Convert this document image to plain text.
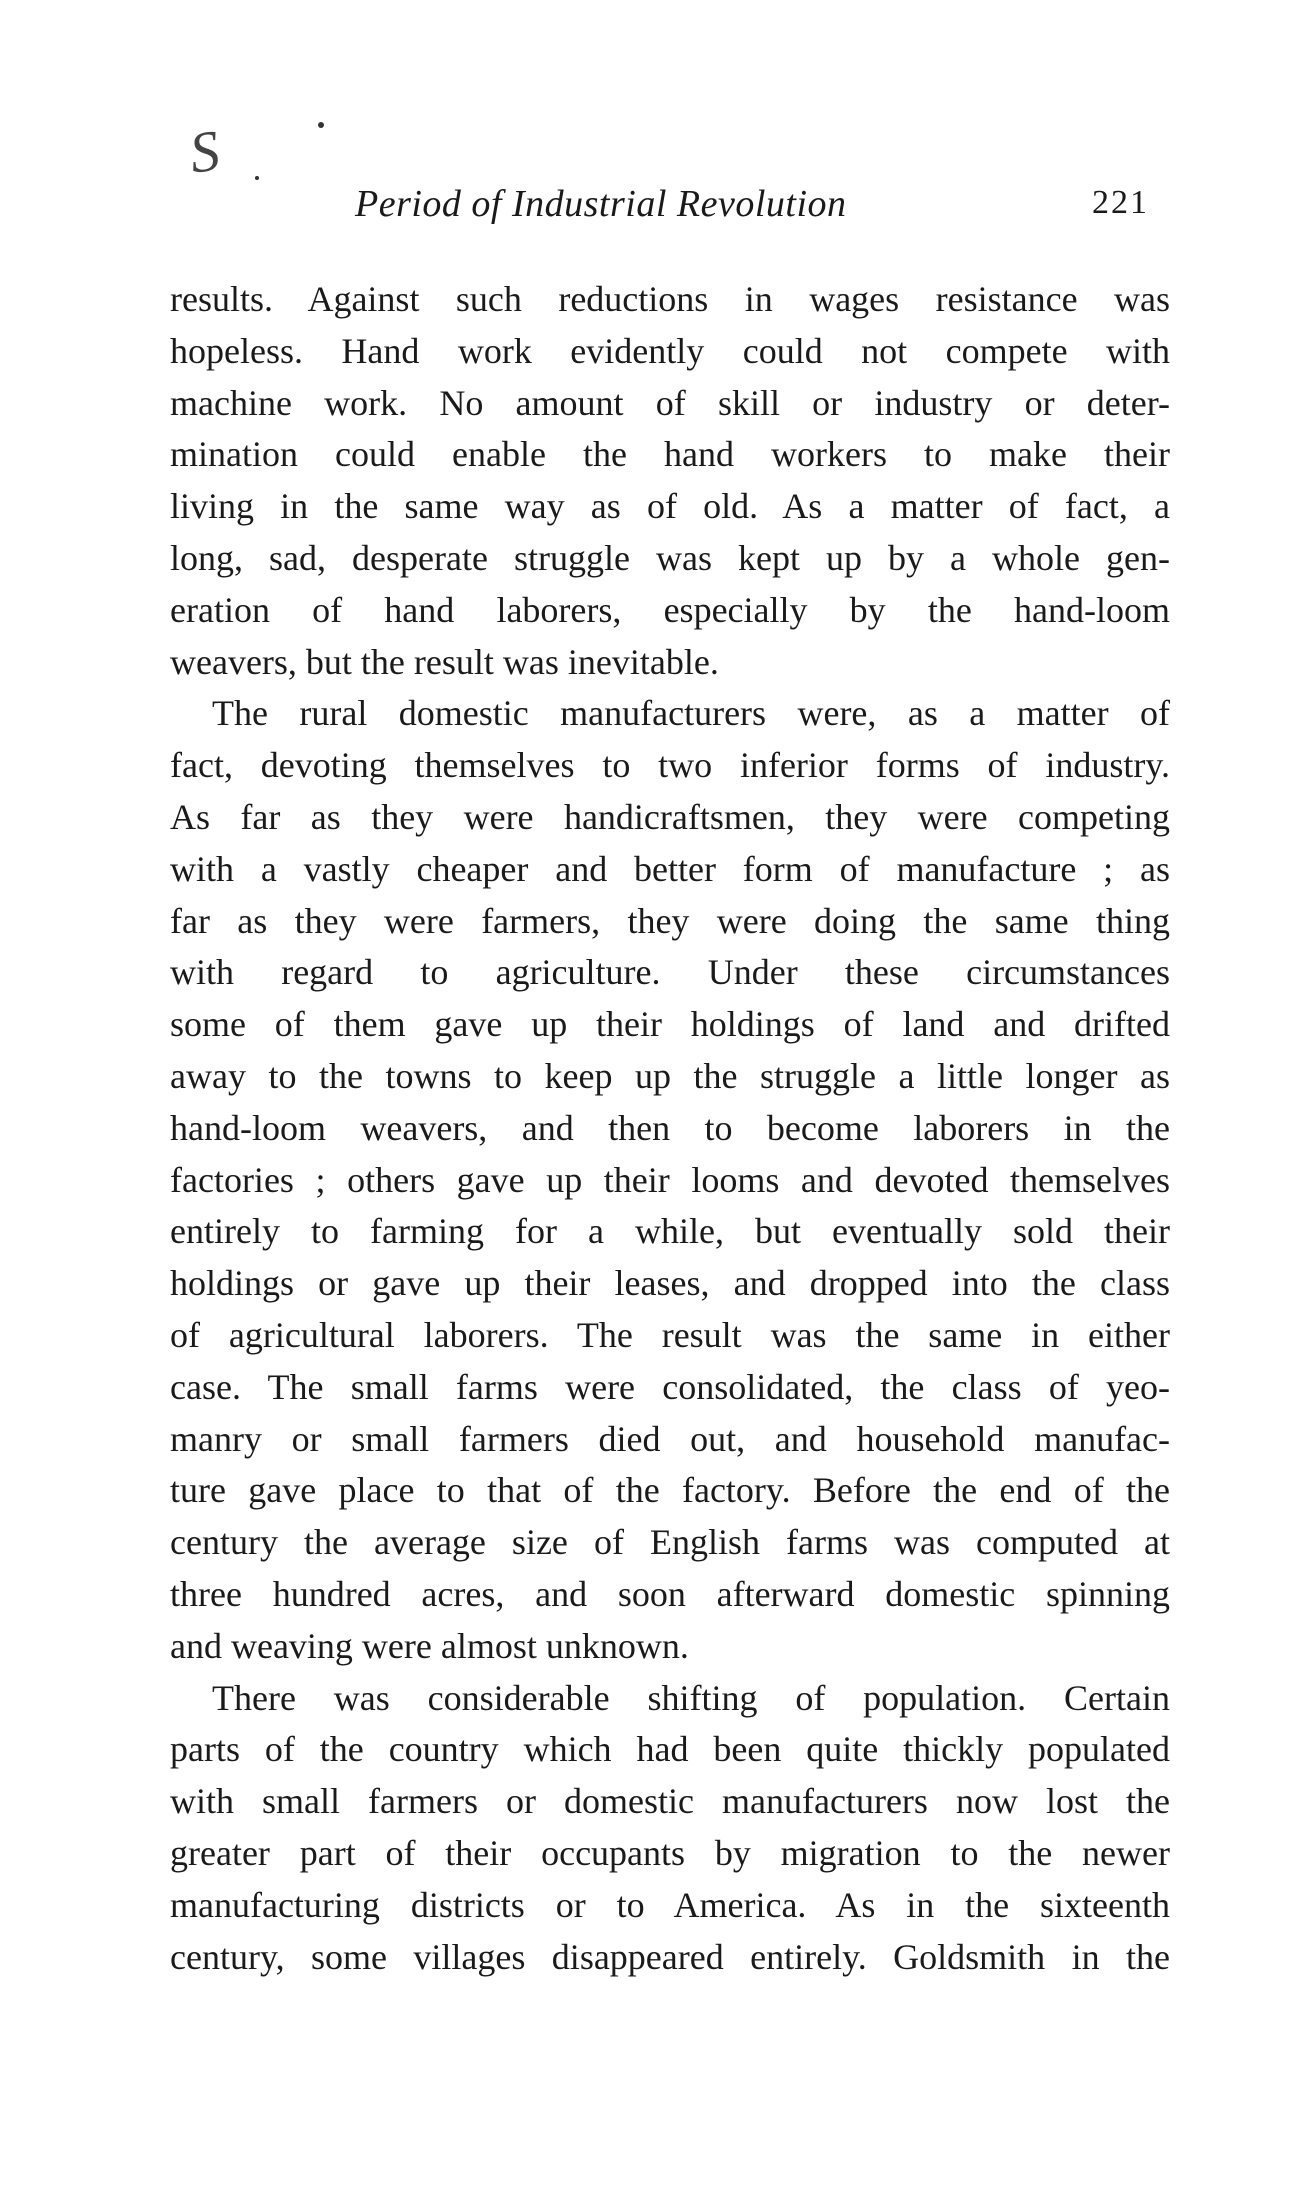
S
Period of Industrial Revolution	221
results. Against such reductions in wages resistance was
hopeless. Hand work evidently could not compete with
machine work. No amount of skill or industry or deter-
mination could enable the hand workers to make their
living in the same way as of old. As a matter of fact, a
long, sad, desperate struggle was kept up by a whole gen-
eration of hand laborers, especially by the hand-loom
weavers, but the result was inevitable.
The rural domestic manufacturers were, as a matter of
fact, devoting themselves to two inferior forms of industry.
As far as they were handicraftsmen, they were competing
with a vastly cheaper and better form of manufacture ; as
far as they were farmers, they were doing the same thing
with regard to agriculture. Under these circumstances
some of them gave up their holdings of land and drifted
away to the towns to keep up the struggle a little longer as
hand-loom weavers, and then to become laborers in the
factories ; others gave up their looms and devoted themselves
entirely to farming for a while, but eventually sold their
holdings or gave up their leases, and dropped into the class
of agricultural laborers. The result was the same in either
case. The small farms were consolidated, the class of yeo-
manry or small farmers died out, and household manufac-
ture gave place to that of the factory. Before the end of the
century the average size of English farms was computed at
three hundred acres, and soon afterward domestic spinning
and weaving were almost unknown.
There was considerable shifting of population. Certain
parts of the country which had been quite thickly populated
with small farmers or domestic manufacturers now lost the
greater part of their occupants by migration to the newer
manufacturing districts or to America. As in the sixteenth
century, some villages disappeared entirely. Goldsmith in the
